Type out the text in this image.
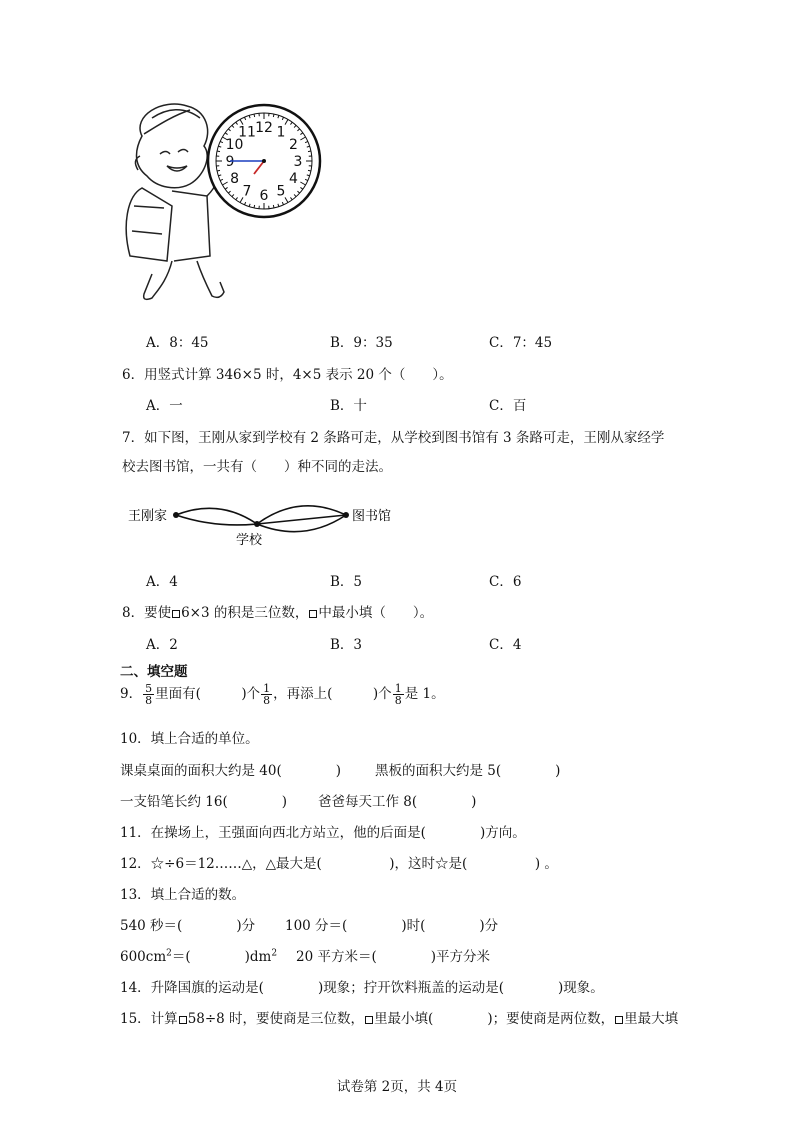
12 1
2
3
4
5
6
7
8
9
10
11
A．8：45	B．9：35	C．7：45
6．用竖式计算 346×5 时，4×5 表示 20 个（　　）。
A．一	B．十	C．百
7．如下图，王刚从家到学校有 2 条路可走，从学校到图书馆有 3 条路可走，王刚从家经学
校去图书馆，一共有（　　）种不同的走法。
王刚家
学校
图书馆
A．4	B．5	C．6
8．要使 6×3 的积是三位数， 中最小填（　　）。
A．2	B．3	C．4
二、填空题
9． $\frac{5}{8}$ 里面有(　　　)个 $\frac{1}{8}$ ，再添上(　　　)个 $\frac{1}{8}$ 是 1。
10．填上合适的单位。
课桌桌面的面积大约是 40(　　　　)	黑板的面积大约是 5(　　　　)
一支铅笔长约 16(　　　　) 爸爸每天工作 8(　　　　)
11．在操场上，王强面向西北方站立，他的后面是(　　　　)方向。
12．☆÷6＝12……△，△最大是(　　　　　)，这时☆是(　　　　　) 。
13．填上合适的数。
540 秒＝(　　　　)分 100 分＝(　　　　)时(　　　　)分
$600cm^2=$(　　　　)$dm^2$ 20 平方米＝(　　　　)平方分米
14．升降国旗的运动是(　　　　)现象；拧开饮料瓶盖的运动是(　　　　)现象。
15．计算 58÷8 时，要使商是三位数， 里最小填(　　　　)；要使商是两位数， 里最大填
试卷第 2页，共 4页
